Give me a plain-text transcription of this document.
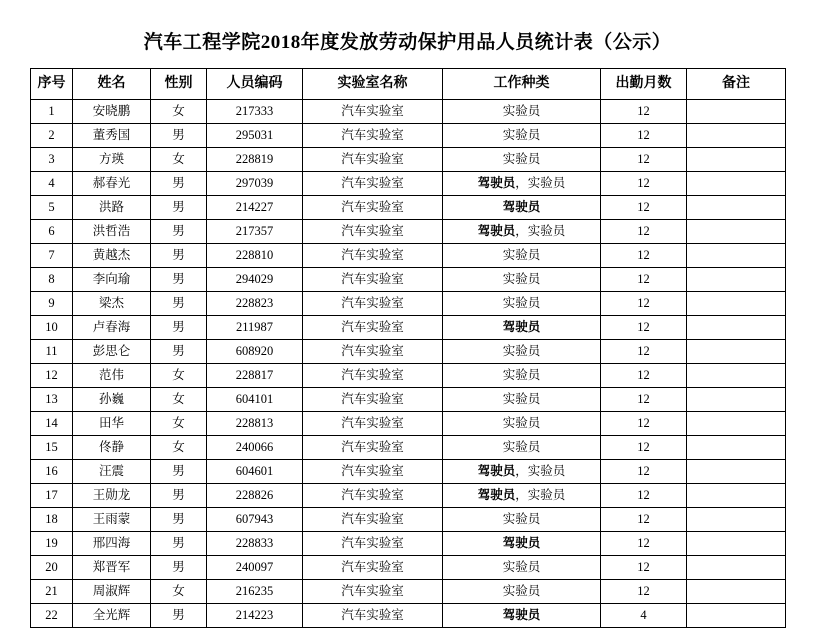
汽车工程学院2018年度发放劳动保护用品人员统计表（公示）
序号	姓名	性别	人员编码	实验室名称	工作种类	出勤月数	备注
1	安晓鹏	女	217333	汽车实验室	实验员	12	
2	董秀国	男	295031	汽车实验室	实验员	12	
3	方瑛	女	228819	汽车实验室	实验员	12	
4	郝春光	男	297039	汽车实验室	驾驶员，实验员	12	
5	洪路	男	214227	汽车实验室	驾驶员	12	
6	洪哲浩	男	217357	汽车实验室	驾驶员，实验员	12	
7	黄越杰	男	228810	汽车实验室	实验员	12	
8	李向瑜	男	294029	汽车实验室	实验员	12	
9	梁杰	男	228823	汽车实验室	实验员	12	
10	卢春海	男	211987	汽车实验室	驾驶员	12	
11	彭思仑	男	608920	汽车实验室	实验员	12	
12	范伟	女	228817	汽车实验室	实验员	12	
13	孙巍	女	604101	汽车实验室	实验员	12	
14	田华	女	228813	汽车实验室	实验员	12	
15	佟静	女	240066	汽车实验室	实验员	12	
16	汪震	男	604601	汽车实验室	驾驶员，实验员	12	
17	王勋龙	男	228826	汽车实验室	驾驶员，实验员	12	
18	王雨蒙	男	607943	汽车实验室	实验员	12	
19	邢四海	男	228833	汽车实验室	驾驶员	12	
20	郑晋军	男	240097	汽车实验室	实验员	12	
21	周淑辉	女	216235	汽车实验室	实验员	12	
22	全光辉	男	214223	汽车实验室	驾驶员	4	
